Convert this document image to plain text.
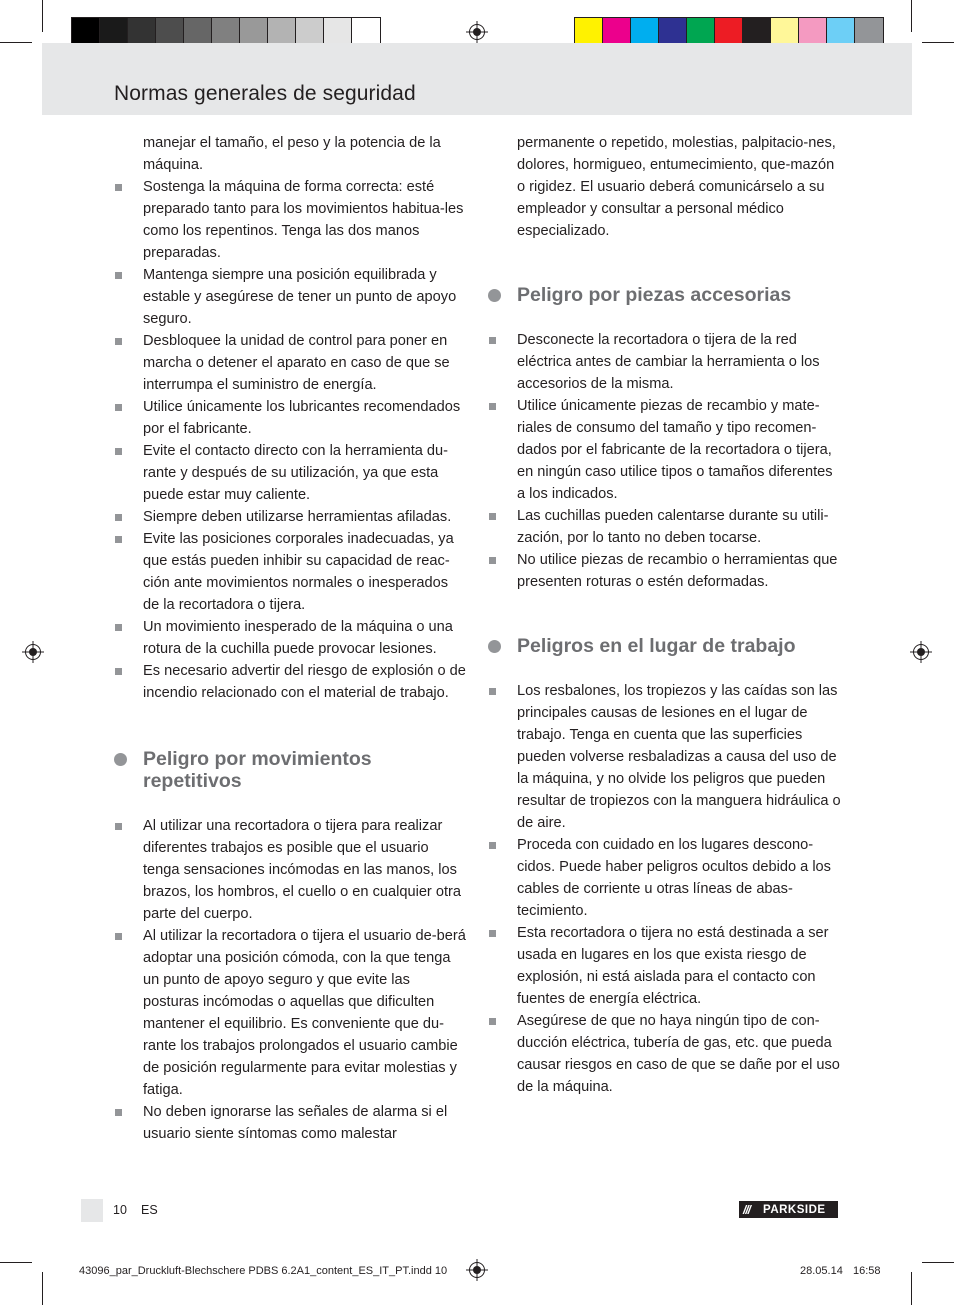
Normas generales de seguridad

manejar el tamaño, el peso y la potencia de la máquina.

Sostenga la máquina de forma correcta: esté preparado tanto para los movimientos habitua-les como los repentinos. Tenga las dos manos preparadas.
Mantenga siempre una posición equilibrada y estable y asegúrese de tener un punto de apoyo seguro.
Desbloquee la unidad de control para poner en marcha o detener el aparato en caso de que se interrumpa el suministro de energía.
Utilice únicamente los lubricantes recomendados por el fabricante.
Evite el contacto directo con la herramienta du-rante y después de su utilización, ya que esta puede estar muy caliente.
Siempre deben utilizarse herramientas afiladas.
Evite las posiciones corporales inadecuadas, ya que estás pueden inhibir su capacidad de reac-ción ante movimientos normales o inesperados de la recortadora o tijera.
Un movimiento inesperado de la máquina o una rotura de la cuchilla puede provocar lesiones.
Es necesario advertir del riesgo de explosión o de incendio relacionado con el material de trabajo.
Peligro por movimientos repetitivos
Al utilizar una recortadora o tijera para realizar diferentes trabajos es posible que el usuario tenga sensaciones incómodas en las manos, los brazos, los hombros, el cuello o en cualquier otra parte del cuerpo.
Al utilizar la recortadora o tijera el usuario de-berá adoptar una posición cómoda, con la que tenga un punto de apoyo seguro y que evite las posturas incómodas o aquellas que dificulten mantener el equilibrio. Es conveniente que du-rante los trabajos prolongados el usuario cambie de posición regularmente para evitar molestias y fatiga.
No deben ignorarse las señales de alarma si el usuario siente síntomas como malestar

permanente o repetido, molestias, palpitacio-nes, dolores, hormigueo, entumecimiento, que-mazón o rigidez. El usuario deberá comunicárselo a su empleador y consultar a personal médico especializado.

Peligro por piezas accesorias
Desconecte la recortadora o tijera de la red eléctrica antes de cambiar la herramienta o los accesorios de la misma.
Utilice únicamente piezas de recambio y mate-riales de consumo del tamaño y tipo recomen-dados por el fabricante de la recortadora o tijera, en ningún caso utilice tipos o tamaños diferentes a los indicados.
Las cuchillas pueden calentarse durante su utili-zación, por lo tanto no deben tocarse.
No utilice piezas de recambio o herramientas que presenten roturas o estén deformadas.
Peligros en el lugar de trabajo
Los resbalones, los tropiezos y las caídas son las principales causas de lesiones en el lugar de trabajo. Tenga en cuenta que las superficies pueden volverse resbaladizas a causa del uso de la máquina, y no olvide los peligros que pueden resultar de tropiezos con la manguera hidráulica o de aire.
Proceda con cuidado en los lugares descono-cidos. Puede haber peligros ocultos debido a los cables de corriente u otras líneas de abas-tecimiento.
Esta recortadora o tijera no está destinada a ser usada en lugares en los que exista riesgo de explosión, ni está aislada para el contacto con fuentes de energía eléctrica.
Asegúrese de que no haya ningún tipo de con-ducción eléctrica, tubería de gas, etc. que pueda causar riesgos en caso de que se dañe por el uso de la máquina.
10 ES	///	PARKSIDE
43096_par_Druckluft-Blechschere PDBS 6.2A1_content_ES_IT_PT.indd 10	28.05.14 16:58
